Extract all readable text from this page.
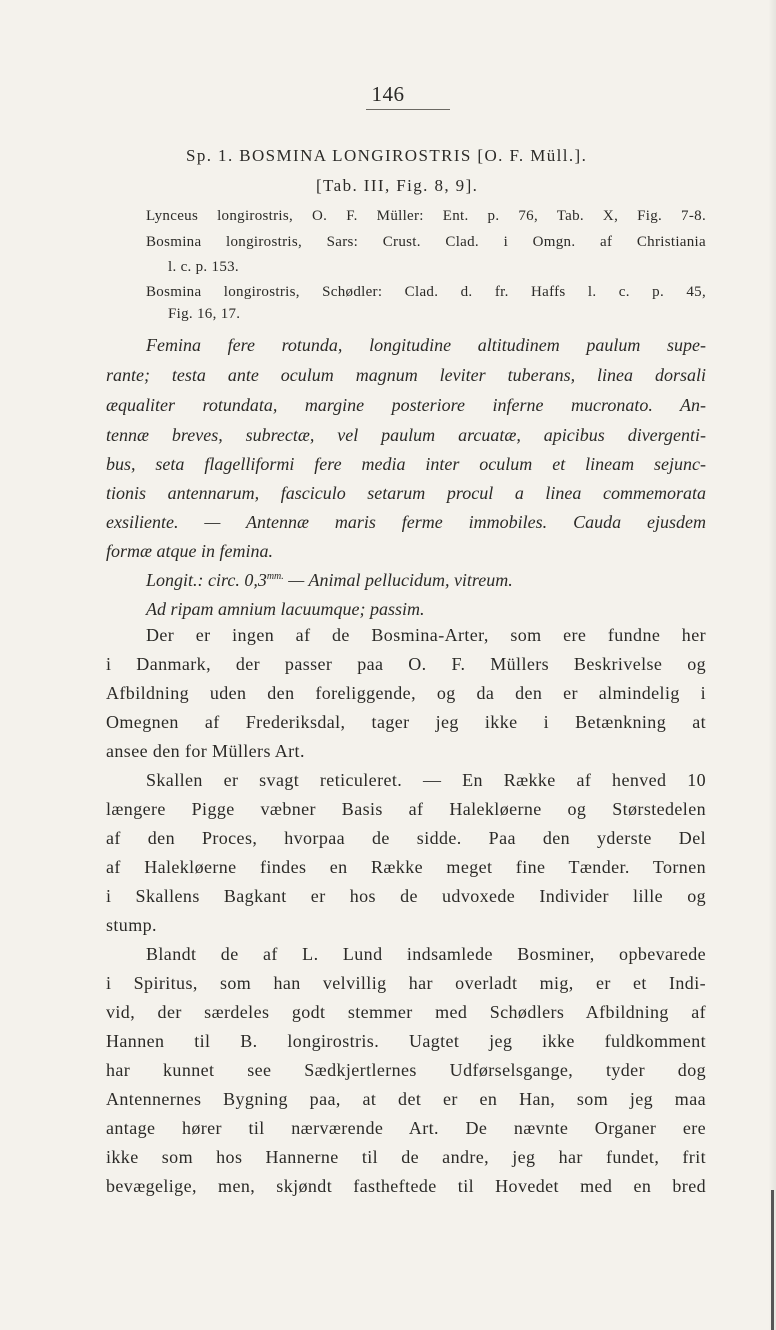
146
Sp. 1. BOSMINA LONGIROSTRIS [O. F. Müll.].
[Tab. III, Fig. 8, 9].
Lynceus longirostris, O. F. Müller: Ent. p. 76, Tab. X, Fig. 7-8.
Bosmina longirostris, Sars: Crust. Clad. i Omgn. af Christiania
l. c. p. 153.
Bosmina longirostris, Schødler: Clad. d. fr. Haffs l. c. p. 45,
Fig. 16, 17.
Femina fere rotunda, longitudine altitudinem paulum supe-
rante; testa ante oculum magnum leviter tuberans, linea dorsali
æqualiter rotundata, margine posteriore inferne mucronato. An-
tennæ breves, subrectæ, vel paulum arcuatæ, apicibus divergenti-
bus, seta flagelliformi fere media inter oculum et lineam sejunc-
tionis antennarum, fasciculo setarum procul a linea commemorata
exsiliente. — Antennæ maris ferme immobiles. Cauda ejusdem
formæ atque in femina.
Longit.: circ. $0,3^{mm.}$ — Animal pellucidum, vitreum.
Ad ripam amnium lacuumque; passim.
Der er ingen af de Bosmina-Arter, som ere fundne her
i Danmark, der passer paa O. F. Müllers Beskrivelse og
Afbildning uden den foreliggende, og da den er almindelig i
Omegnen af Frederiksdal, tager jeg ikke i Betænkning at
ansee den for Müllers Art.
Skallen er svagt reticuleret. — En Række af henved 10
længere Pigge væbner Basis af Halekløerne og Størstedelen
af den Proces, hvorpaa de sidde. Paa den yderste Del
af Halekløerne findes en Række meget fine Tænder. Tornen
i Skallens Bagkant er hos de udvoxede Individer lille og
stump.
Blandt de af L. Lund indsamlede Bosminer, opbevarede
i Spiritus, som han velvillig har overladt mig, er et Indi-
vid, der særdeles godt stemmer med Schødlers Afbildning af
Hannen til B. longirostris. Uagtet jeg ikke fuldkomment
har kunnet see Sædkjertlernes Udførselsgange, tyder dog
Antennernes Bygning paa, at det er en Han, som jeg maa
antage hører til nærværende Art. De nævnte Organer ere
ikke som hos Hannerne til de andre, jeg har fundet, frit
bevægelige, men, skjøndt fastheftede til Hovedet med en bred
